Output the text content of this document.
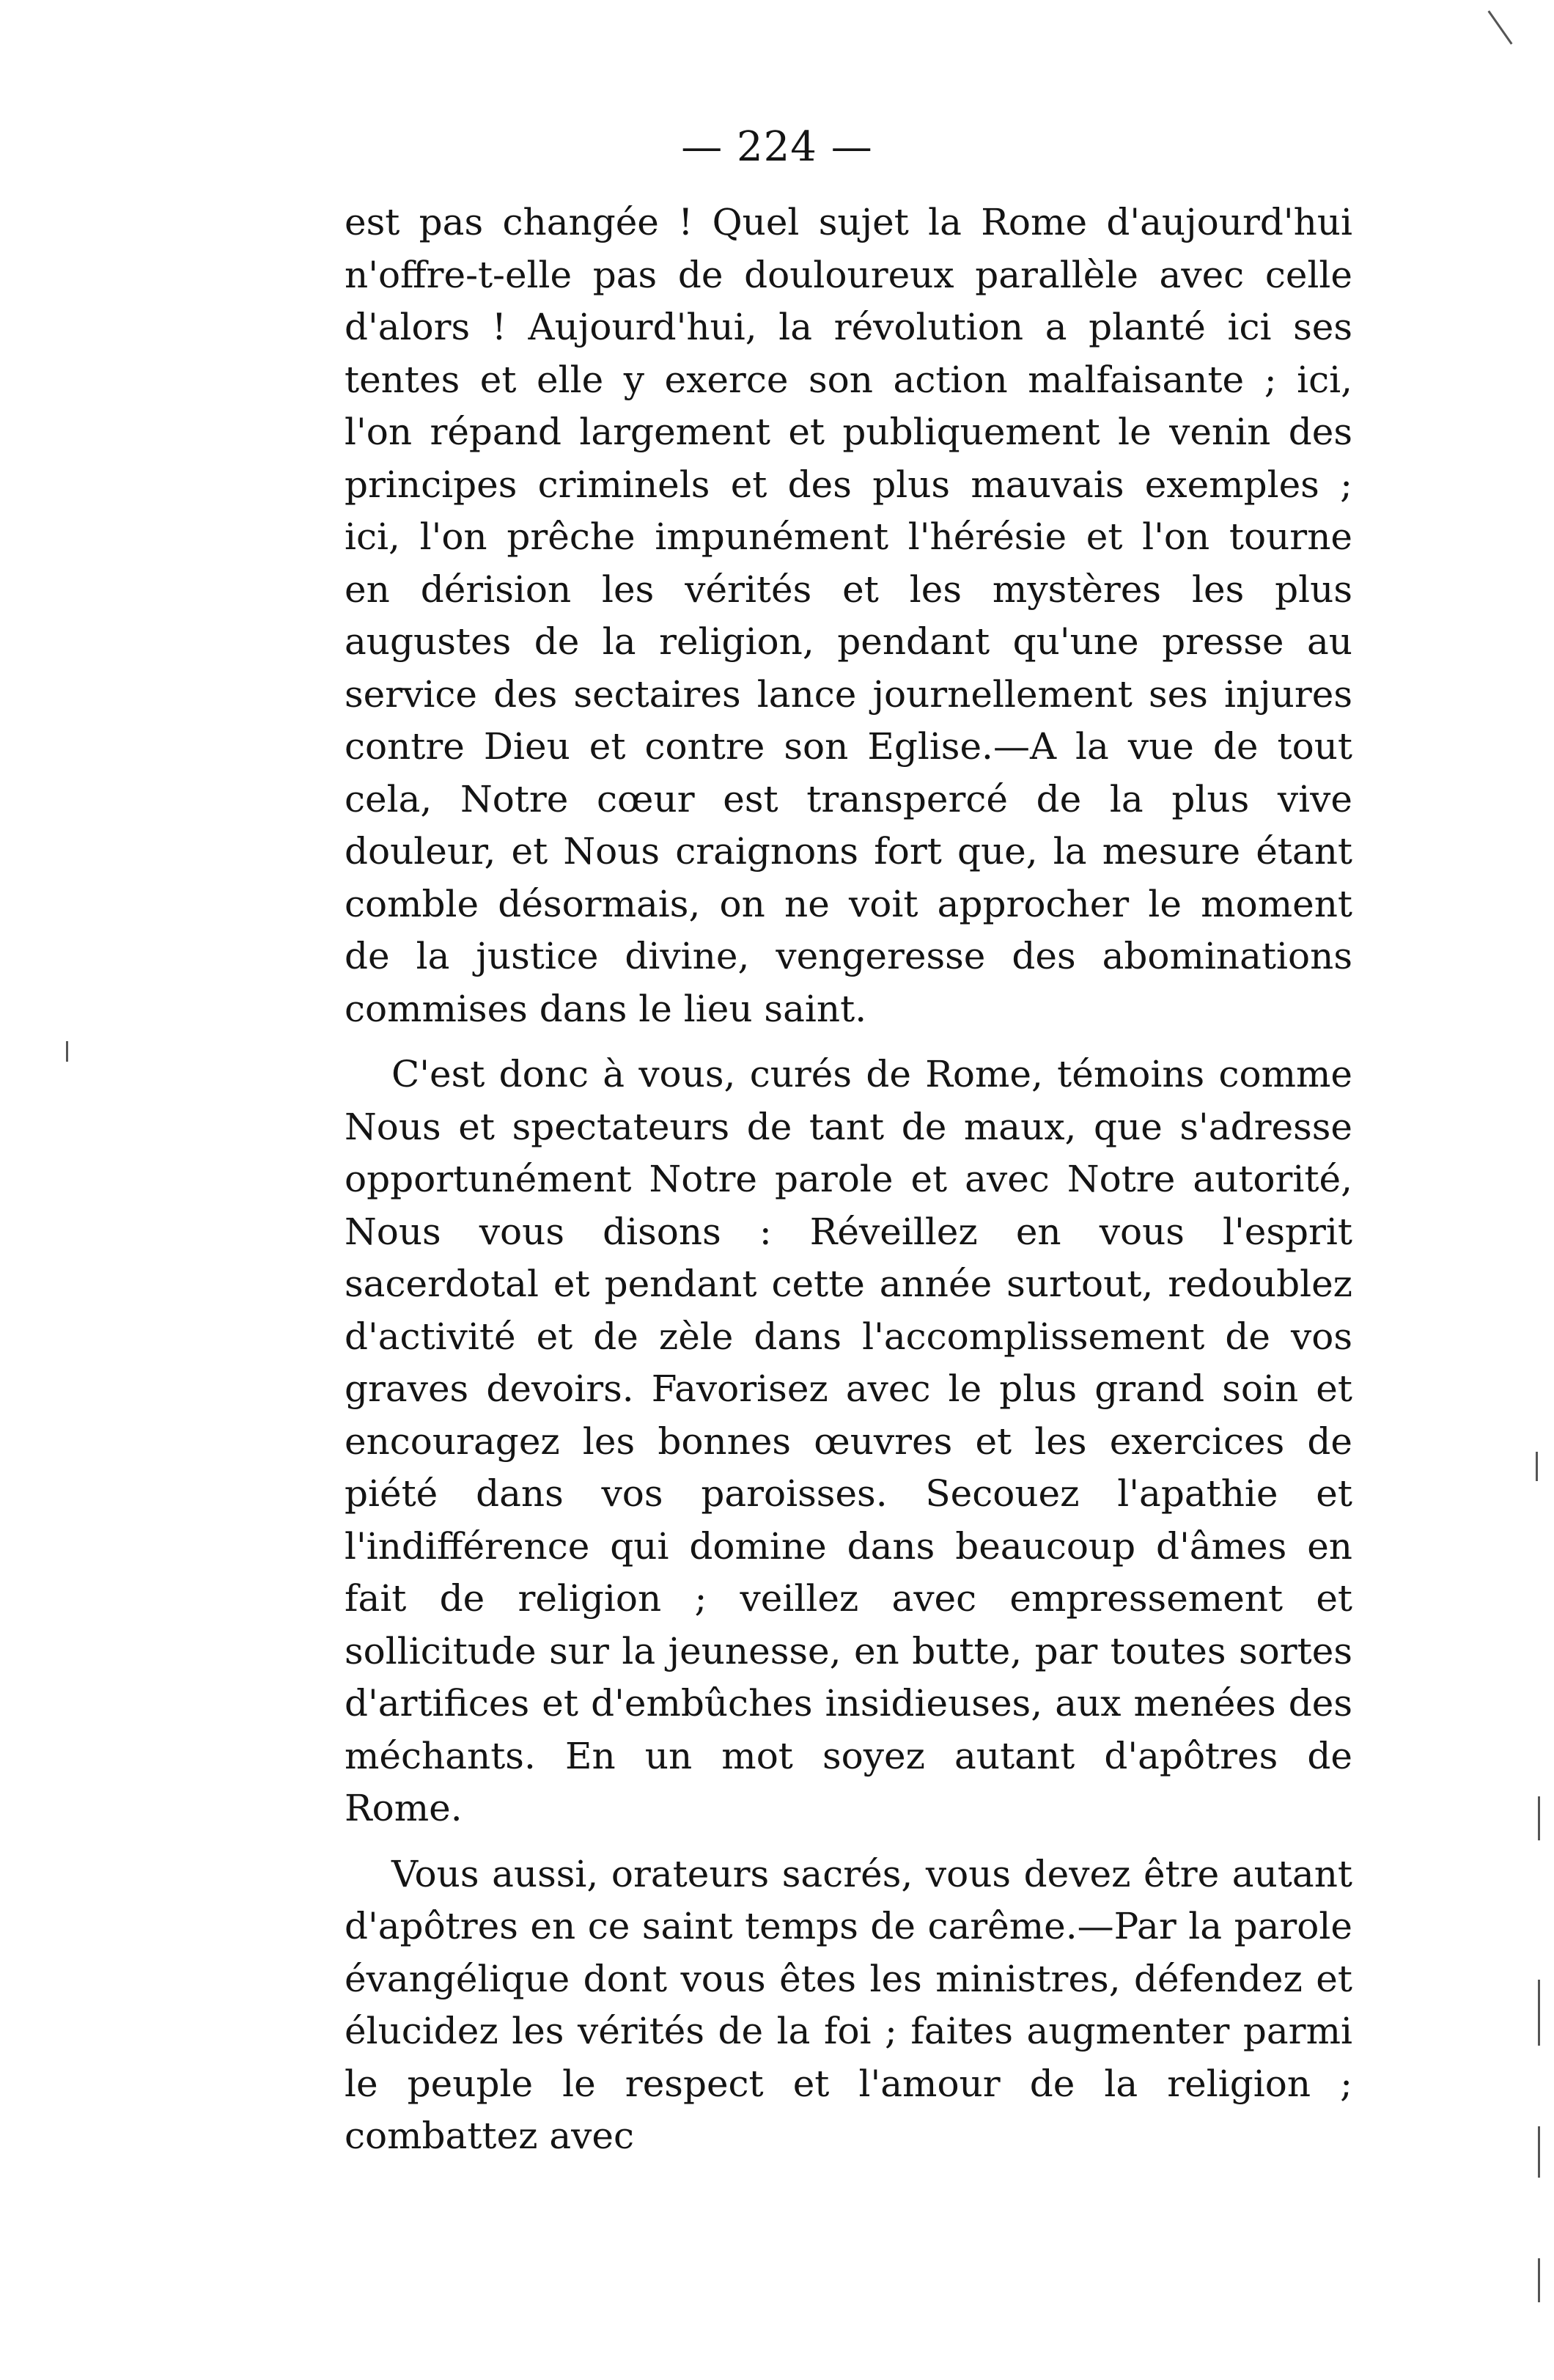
— 224 —

est pas changée ! Quel sujet la Rome d'aujourd'hui n'offre-t-elle pas de douloureux parallèle avec celle d'alors ! Aujourd'hui, la révolution a planté ici ses tentes et elle y exerce son action malfaisante ; ici, l'on répand largement et publiquement le venin des principes criminels et des plus mauvais exemples ; ici, l'on prêche impunément l'hérésie et l'on tourne en dérision les vérités et les mystères les plus augustes de la religion, pendant qu'une presse au service des sectaires lance journellement ses injures contre Dieu et contre son Eglise.—A la vue de tout cela, Notre cœur est transpercé de la plus vive douleur, et Nous craignons fort que, la mesure étant comble désormais, on ne voit approcher le moment de la justice divine, vengeresse des abominations commises dans le lieu saint.

C'est donc à vous, curés de Rome, témoins comme Nous et spectateurs de tant de maux, que s'adresse opportunément Notre parole et avec Notre autorité, Nous vous disons : Réveillez en vous l'esprit sacerdotal et pendant cette année surtout, redoublez d'activité et de zèle dans l'accomplissement de vos graves devoirs. Favorisez avec le plus grand soin et encouragez les bonnes œuvres et les exercices de piété dans vos paroisses. Secouez l'apathie et l'indifférence qui domine dans beaucoup d'âmes en fait de religion ; veillez avec empressement et sollicitude sur la jeunesse, en butte, par toutes sortes d'artifices et d'embûches insidieuses, aux menées des méchants. En un mot soyez autant d'apôtres de Rome.

Vous aussi, orateurs sacrés, vous devez être autant d'apôtres en ce saint temps de carême.—Par la parole évangélique dont vous êtes les ministres, défendez et élucidez les vérités de la foi ; faites augmenter parmi le peuple le respect et l'amour de la religion ; combattez avec
